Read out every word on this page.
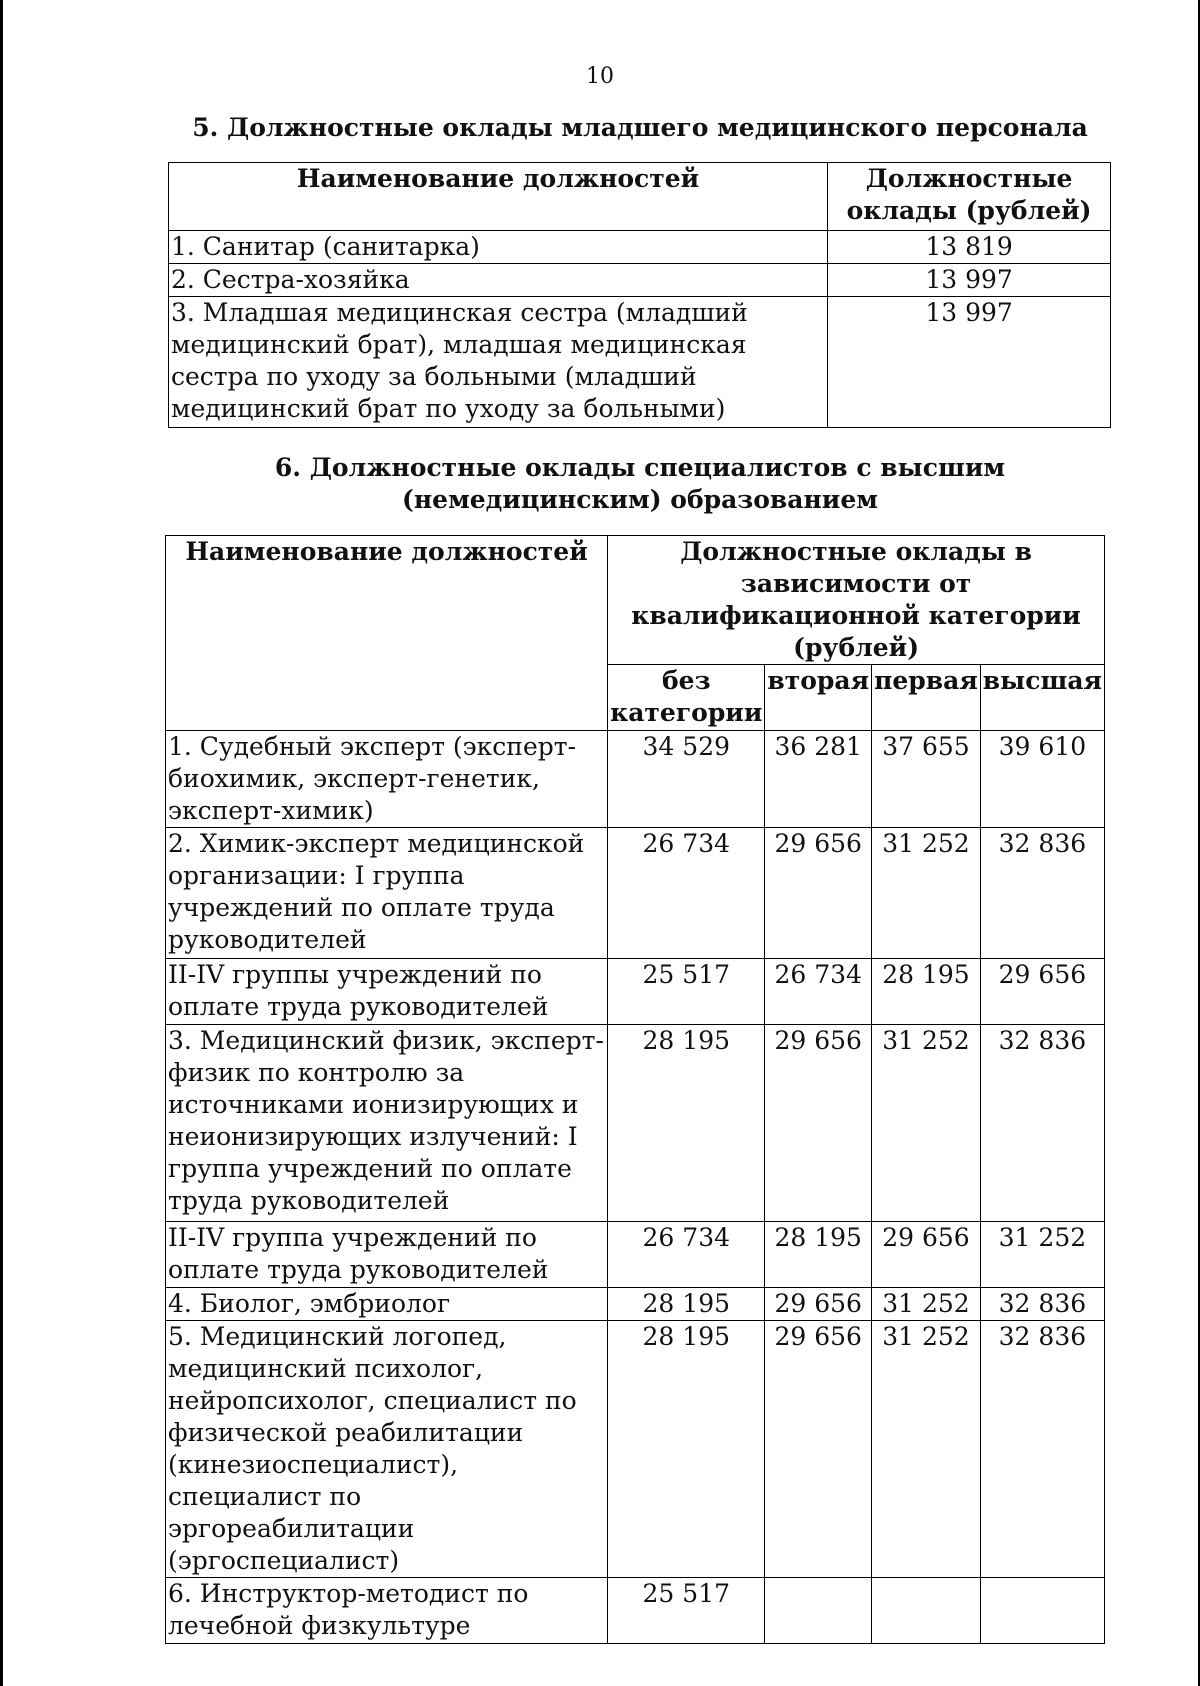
10
5. Должностные оклады младшего медицинского персонала
Наименование должностей	Должностные оклады (рублей)
1. Санитар (санитарка)	13 819
2. Сестра-хозяйка	13 997
3. Младшая медицинская сестра (младший медицинский брат), младшая медицинская сестра по уходу за больными (младший медицинский брат по уходу за больными)	13 997
6. Должностные оклады специалистов с высшим (немедицинским) образованием
Наименование должностей	Должностные оклады в зависимости от квалификационной категории (рублей)			
	без категории	вторая	первая	высшая
1. Судебный эксперт (эксперт-биохимик, эксперт-генетик, эксперт-химик)	34 529	36 281	37 655	39 610
2. Химик-эксперт медицинской организации: I группа учреждений по оплате труда руководителей	26 734	29 656	31 252	32 836
II-IV группы учреждений по оплате труда руководителей	25 517	26 734	28 195	29 656
3. Медицинский физик, эксперт-физик по контролю за источниками ионизирующих и неионизирующих излучений: I группа учреждений по оплате труда руководителей	28 195	29 656	31 252	32 836
II-IV группа учреждений по оплате труда руководителей	26 734	28 195	29 656	31 252
4. Биолог, эмбриолог	28 195	29 656	31 252	32 836
5. Медицинский логопед, медицинский психолог, нейропсихолог, специалист по физической реабилитации (кинезиоспециалист), специалист по эргореабилитации (эргоспециалист)	28 195	29 656	31 252	32 836
6. Инструктор-методист по лечебной физкультуре	25 517			
